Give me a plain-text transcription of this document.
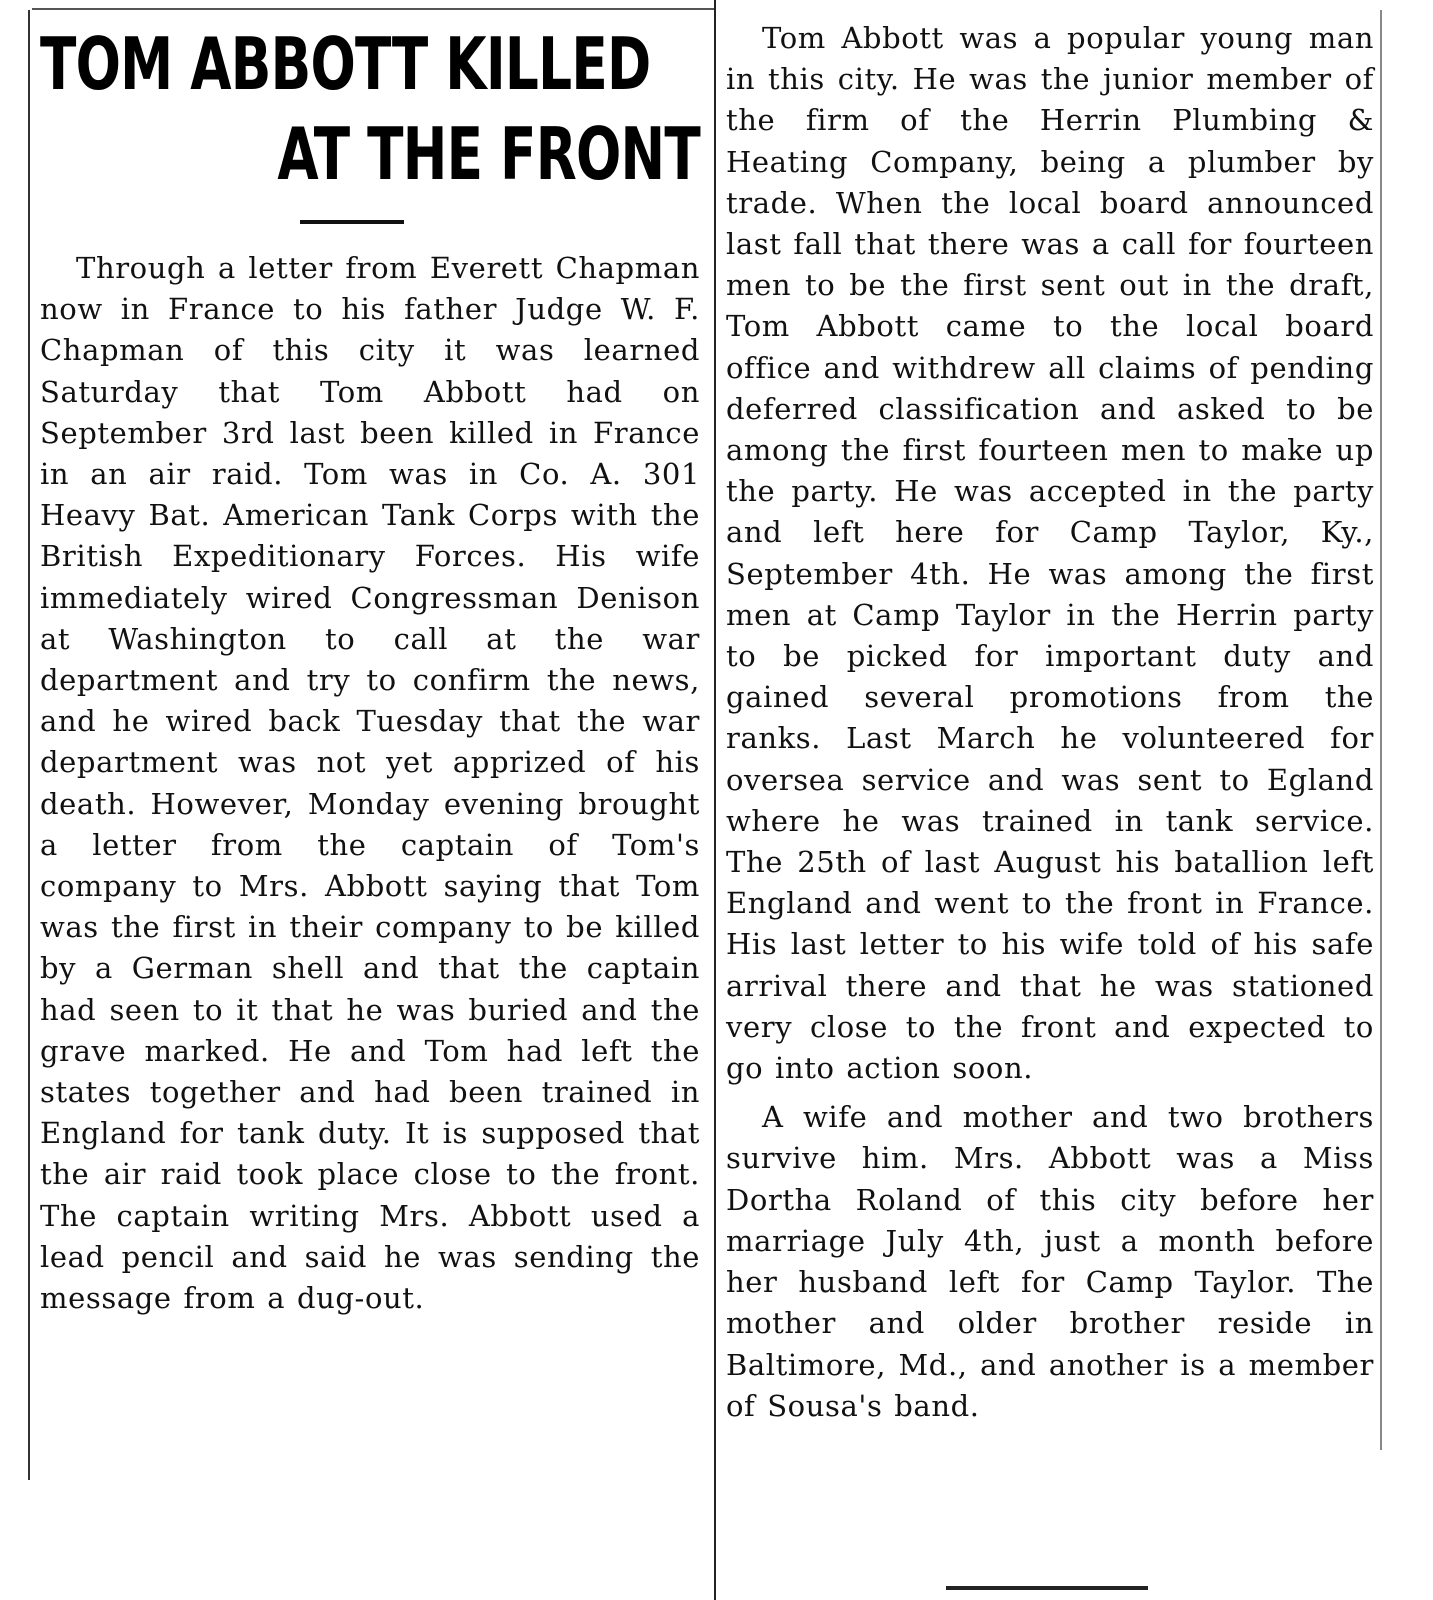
TOM ABBOTT KILLED
AT THE FRONT

Through a letter from Everett Chapman now in France to his father Judge W. F. Chapman of this city it was learned Saturday that Tom Abbott had on September 3rd last been killed in France in an air raid. Tom was in Co. A. 301 Heavy Bat. American Tank Corps with the British Expeditionary Forces. His wife immediately wired Congressman Denison at Washington to call at the war department and try to confirm the news, and he wired back Tuesday that the war department was not yet apprized of his death. However, Monday evening brought a letter from the captain of Tom's company to Mrs. Abbott saying that Tom was the first in their company to be killed by a German shell and that the captain had seen to it that he was buried and the grave marked. He and Tom had left the states together and had been trained in England for tank duty. It is supposed that the air raid took place close to the front. The captain writing Mrs. Abbott used a lead pencil and said he was sending the message from a dug-out.

Tom Abbott was a popular young man in this city. He was the junior member of the firm of the Herrin Plumbing & Heating Company, being a plumber by trade. When the local board announced last fall that there was a call for fourteen men to be the first sent out in the draft, Tom Abbott came to the local board office and withdrew all claims of pending deferred classification and asked to be among the first fourteen men to make up the party. He was accepted in the party and left here for Camp Taylor, Ky., September 4th. He was among the first men at Camp Taylor in the Herrin party to be picked for important duty and gained several promotions from the ranks. Last March he volunteered for oversea service and was sent to Egland where he was trained in tank service. The 25th of last August his batallion left England and went to the front in France. His last letter to his wife told of his safe arrival there and that he was stationed very close to the front and expected to go into action soon.

A wife and mother and two brothers survive him. Mrs. Abbott was a Miss Dortha Roland of this city before her marriage July 4th, just a month before her husband left for Camp Taylor. The mother and older brother reside in Baltimore, Md., and another is a member of Sousa's band.
